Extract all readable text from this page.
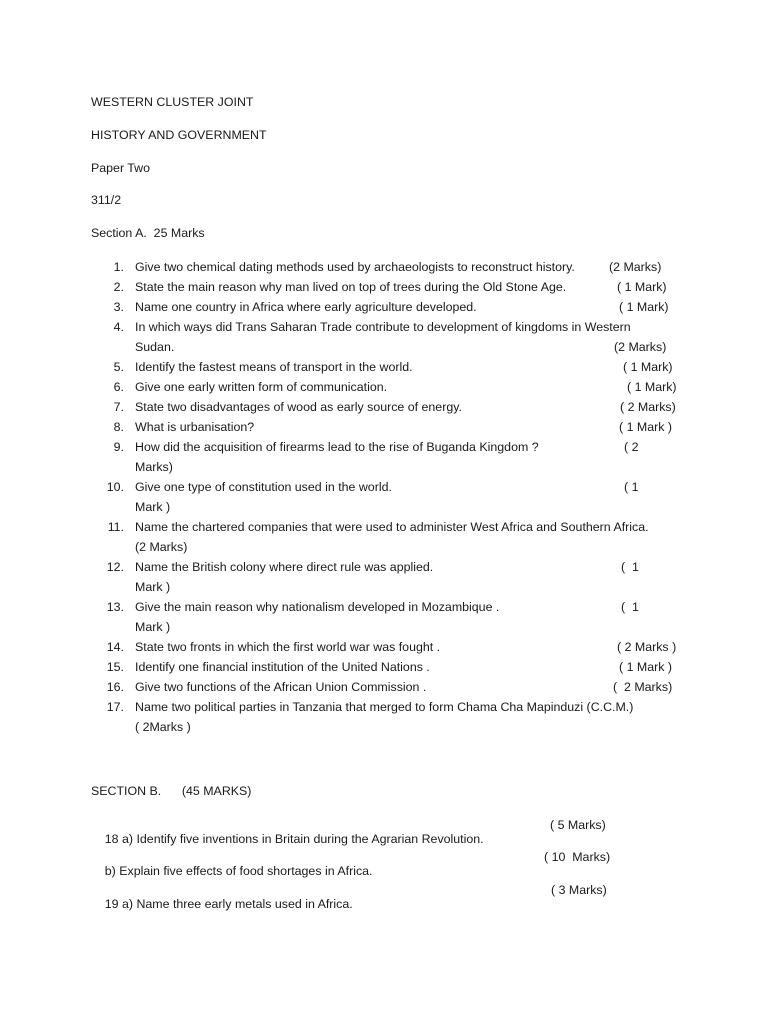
WESTERN CLUSTER JOINT
HISTORY AND GOVERNMENT
Paper Two
311/2
Section A.  25 Marks
1. Give two chemical dating methods used by archaeologists to reconstruct history.	(2 Marks)
2. State the main reason why man lived on top of trees during the Old Stone Age.	( 1 Mark)
3. Name one country in Africa where early agriculture developed.	( 1 Mark)
4. In which ways did Trans Saharan Trade contribute to development of kingdoms in Western
Sudan.	(2 Marks)
5. Identify the fastest means of transport in the world.	( 1 Mark)
6. Give one early written form of communication.	( 1 Mark)
7. State two disadvantages of wood as early source of energy.	( 2 Marks)
8. What is urbanisation?	( 1 Mark )
9. How did the acquisition of firearms lead to the rise of Buganda Kingdom ?	( 2
Marks)
10. Give one type of constitution used in the world.	( 1
Mark )
11. Name the chartered companies that were used to administer West Africa and Southern Africa.
(2 Marks)
12. Name the British colony where direct rule was applied.	(  1
Mark )
13. Give the main reason why nationalism developed in Mozambique .	(  1
Mark )
14. State two fronts in which the first world war was fought .	( 2 Marks )
15. Identify one financial institution of the United Nations .	( 1 Mark )
16. Give two functions of the African Union Commission .	(  2 Marks)
17. Name two political parties in Tanzania that merged to form Chama Cha Mapinduzi (C.C.M.)
( 2Marks )
SECTION B.      (45 MARKS)

18 a) Identify five inventions in Britain during the Agrarian Revolution.

( 5 Marks)

b) Explain five effects of food shortages in Africa.

( 10  Marks)

19 a) Name three early metals used in Africa.

( 3 Marks)
